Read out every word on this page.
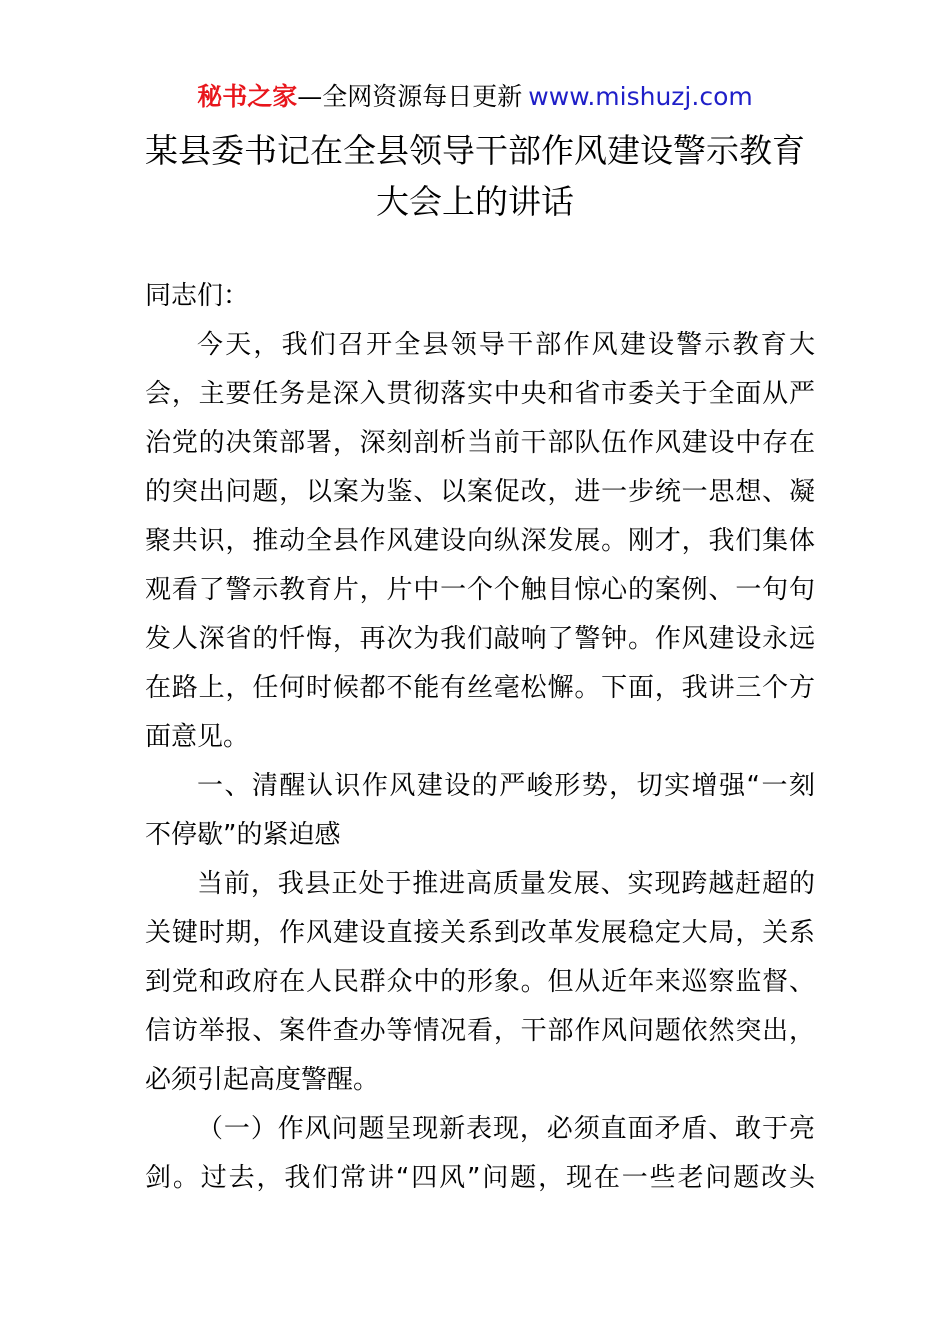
秘书之家—全网资源每日更新 www.mishuzj.com
某县委书记在全县领导干部作风建设警示教育
大会上的讲话
同志们：
今天，我们召开全县领导干部作风建设警示教育大
会，主要任务是深入贯彻落实中央和省市委关于全面从严
治党的决策部署，深刻剖析当前干部队伍作风建设中存在
的突出问题，以案为鉴、以案促改，进一步统一思想、凝
聚共识，推动全县作风建设向纵深发展。刚才，我们集体
观看了警示教育片，片中一个个触目惊心的案例、一句句
发人深省的忏悔，再次为我们敲响了警钟。作风建设永远
在路上，任何时候都不能有丝毫松懈。下面，我讲三个方
面意见。
一、清醒认识作风建设的严峻形势，切实增强“一刻
不停歇”的紧迫感
当前，我县正处于推进高质量发展、实现跨越赶超的
关键时期，作风建设直接关系到改革发展稳定大局，关系
到党和政府在人民群众中的形象。但从近年来巡察监督、
信访举报、案件查办等情况看，干部作风问题依然突出，
必须引起高度警醒。
（一）作风问题呈现新表现，必须直面矛盾、敢于亮
剑。过去，我们常讲“四风”问题，现在一些老问题改头
